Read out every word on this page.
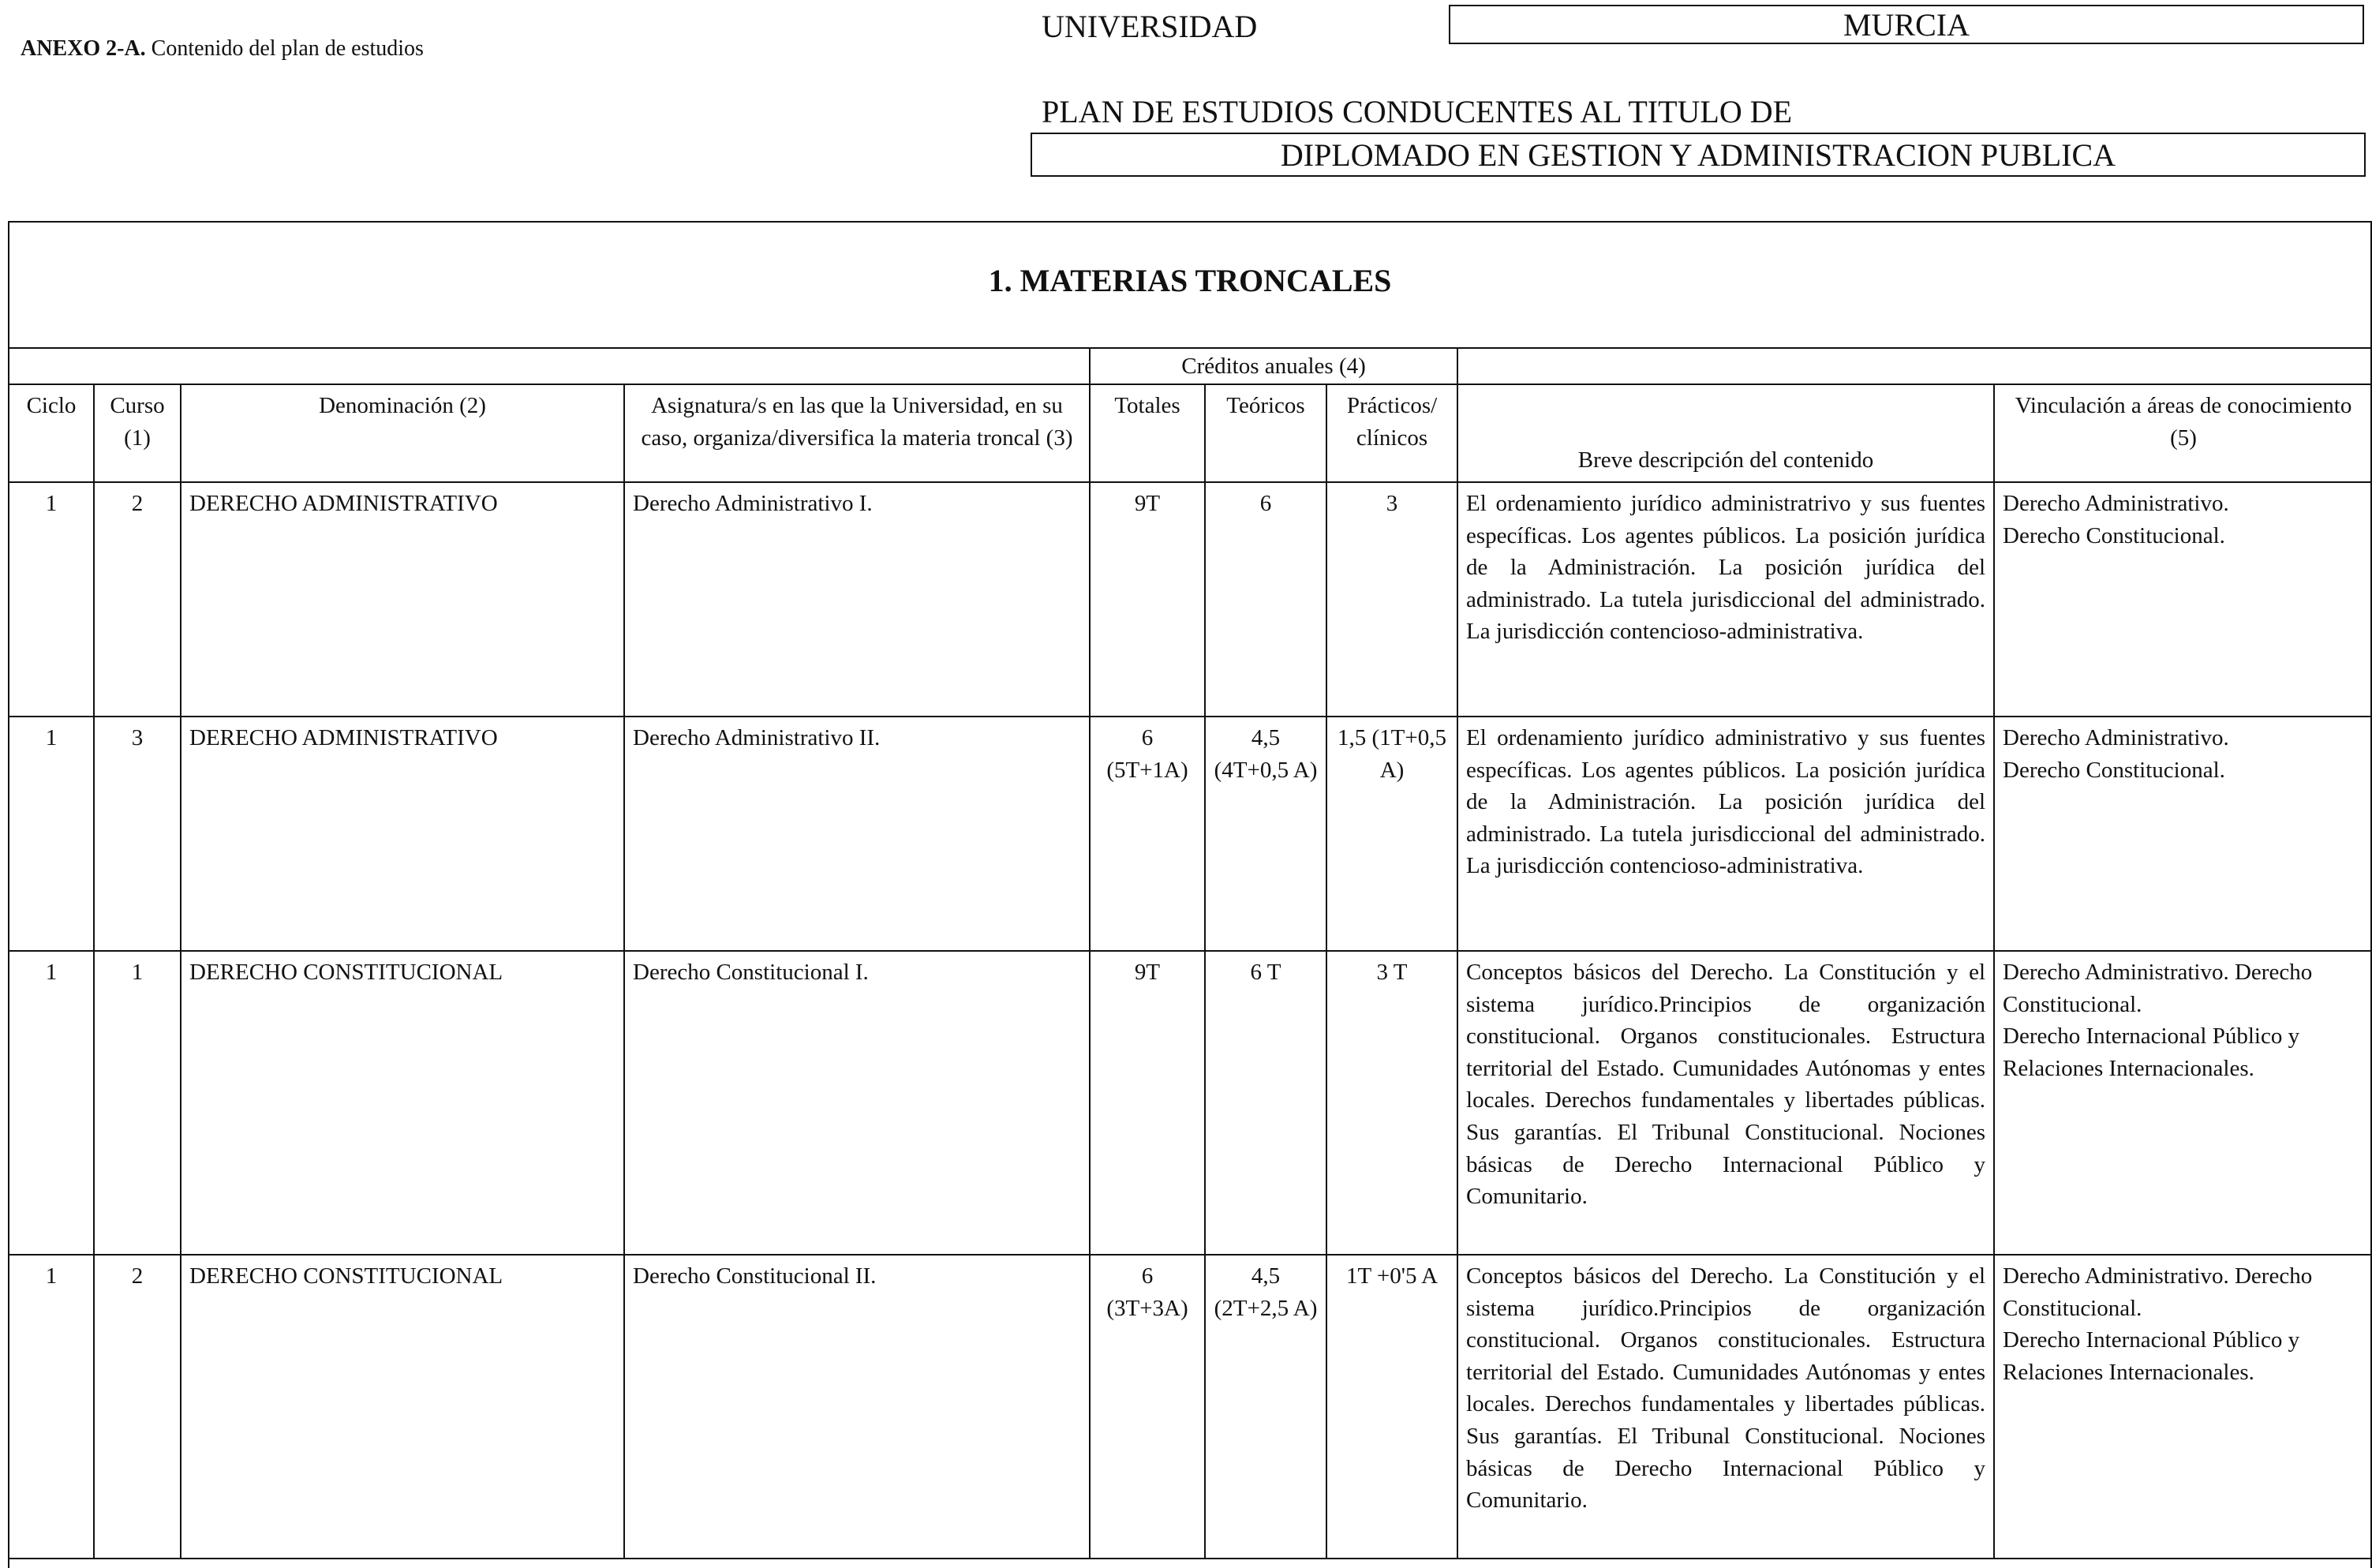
ANEXO 2-A. Contenido del plan de estudios
UNIVERSIDAD	MURCIA
PLAN DE ESTUDIOS CONDUCENTES AL TITULO DE
DIPLOMADO EN GESTION Y ADMINISTRACION PUBLICA
1. MATERIAS TRONCALES
				Créditos anuales (4)				
Ciclo	Curso (1)	Denominación (2)	Asignatura/s en las que la Universidad, en su caso, organiza/diversifica la materia troncal (3)	Totales	Teóricos	Prácticos/ clínicos	Breve descripción del contenido	Vinculación a áreas de conocimiento (5)
1	2	DERECHO ADMINISTRATIVO	Derecho Administrativo I.	9T	6	3	El ordenamiento jurídico administratrivo y sus fuentes específicas. Los agentes públicos. La posición jurídica de la Administración. La posición jurídica del administrado. La tutela jurisdiccional del administrado. La jurisdicción contencioso-administrativa.	Derecho Administrativo.
Derecho Constitucional.
1	3	DERECHO ADMINISTRATIVO	Derecho Administrativo II.	6 (5T+1A)	4,5 (4T+0,5 A)	1,5 (1T+0,5 A)	El ordenamiento jurídico administrativo y sus fuentes específicas. Los agentes públicos. La posición jurídica de la Administración. La posición jurídica del administrado. La tutela jurisdiccional del administrado. La jurisdicción contencioso-administrativa.	Derecho Administrativo.
Derecho Constitucional.
1	1	DERECHO CONSTITUCIONAL	Derecho Constitucional I.	9T	6 T	3 T	Conceptos básicos del Derecho. La Constitución y el sistema jurídico.Principios de organización constitucional. Organos constitucionales. Estructura territorial del Estado. Cumunidades Autónomas y entes locales. Derechos fundamentales y libertades públicas. Sus garantías. El Tribunal Constitucional. Nociones básicas de Derecho Internacional Público y Comunitario.	Derecho Administrativo. Derecho Constitucional.
Derecho Internacional Público y Relaciones Internacionales.
1	2	DERECHO CONSTITUCIONAL	Derecho Constitucional II.	6 (3T+3A)	4,5 (2T+2,5 A)	1T +0'5 A	Conceptos básicos del Derecho. La Constitución y el sistema jurídico.Principios de organización constitucional. Organos constitucionales. Estructura territorial del Estado. Cumunidades Autónomas y entes locales. Derechos fundamentales y libertades públicas. Sus garantías. El Tribunal Constitucional. Nociones básicas de Derecho Internacional Público y Comunitario.	Derecho Administrativo. Derecho Constitucional.
Derecho Internacional Público y Relaciones Internacionales.
